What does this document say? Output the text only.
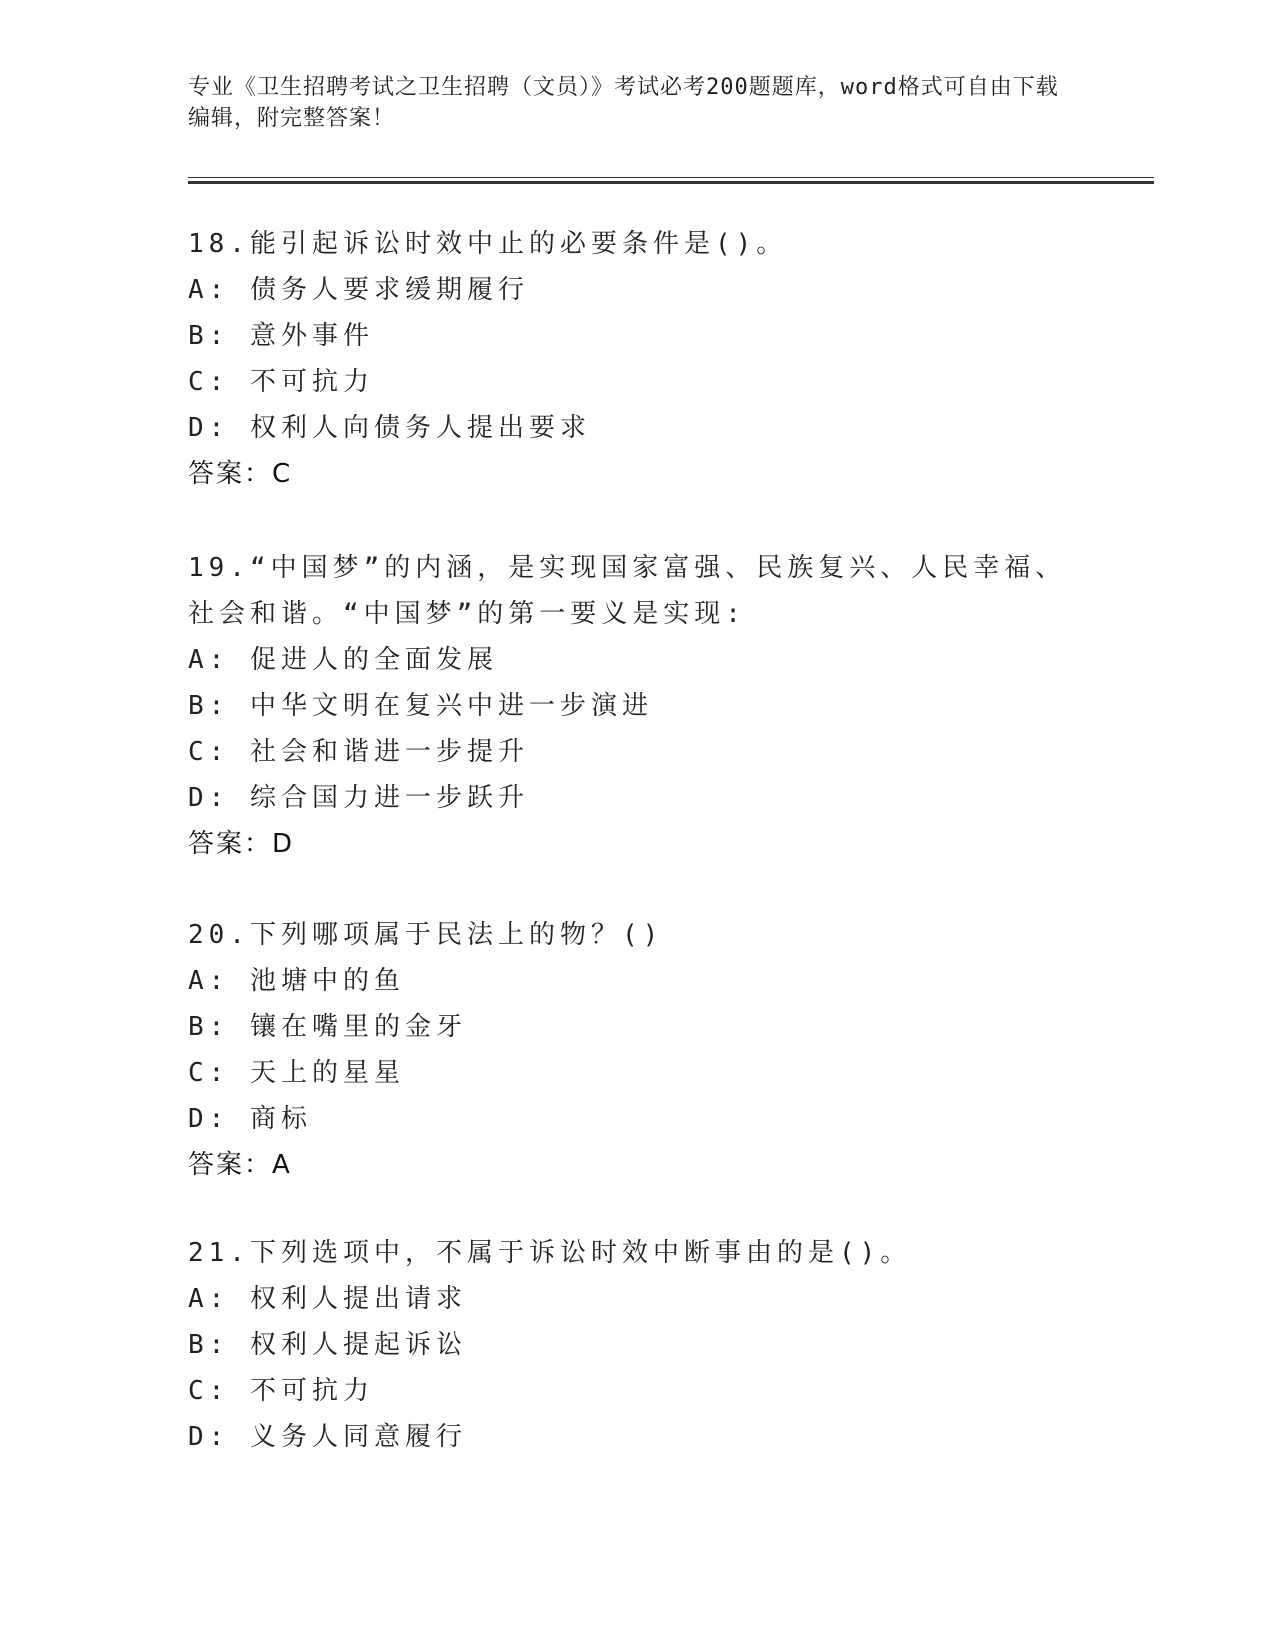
专业《卫生招聘考试之卫生招聘（文员）》考试必考200题题库，word格式可自由下载编辑，附完整答案！
18.能引起诉讼时效中止的必要条件是()。
A: 债务人要求缓期履行
B: 意外事件
C: 不可抗力
D: 权利人向债务人提出要求
答案：C
19.“中国梦”的内涵，是实现国家富强、民族复兴、人民幸福、社会和谐。“中国梦”的第一要义是实现:
A: 促进人的全面发展
B: 中华文明在复兴中进一步演进
C: 社会和谐进一步提升
D: 综合国力进一步跃升
答案：D
20.下列哪项属于民法上的物？()
A: 池塘中的鱼
B: 镶在嘴里的金牙
C: 天上的星星
D: 商标
答案：A
21.下列选项中，不属于诉讼时效中断事由的是()。
A: 权利人提出请求
B: 权利人提起诉讼
C: 不可抗力
D: 义务人同意履行
